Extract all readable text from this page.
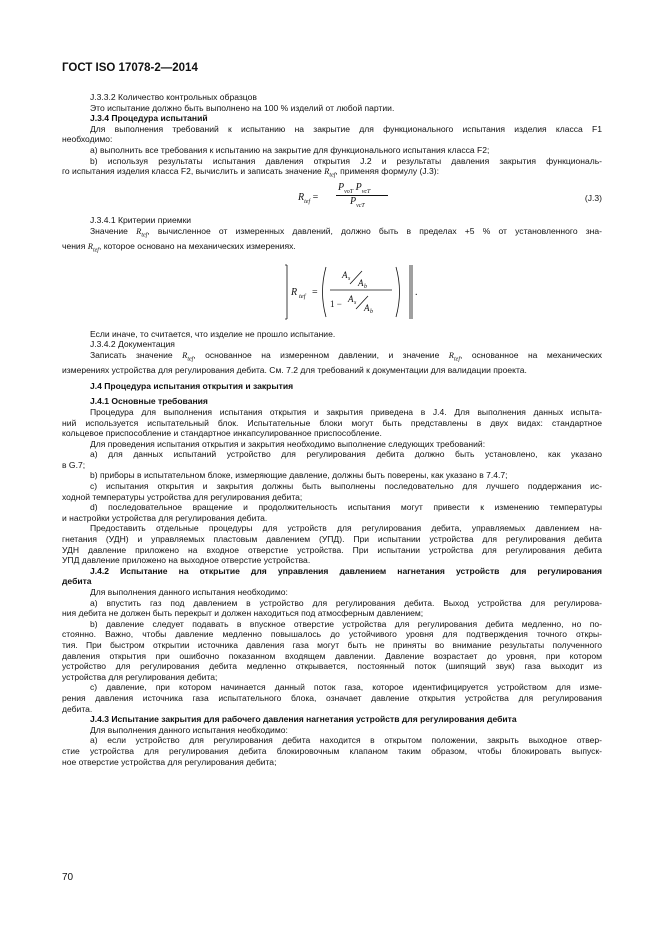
ГОСТ ISO 17078-2—2014

J.3.3.2 Количество контрольных образцов

Это испытание должно быть выполнено на 100 % изделий от любой партии.

J.3.4 Процедура испытаний

Для выполнения требований к испытанию на закрытие для функционального испытания изделия класса F1

необходимо:

а) выполнить все требования к испытанию на закрытие для функционального испытания класса F2;

b) используя результаты испытания давления открытия J.2 и результаты давления закрытия функциональ-

го испытания изделия класса F2, вычислить и записать значение $R_{tef}$, применяя формулу (J.3):

$R_{tef}$ =
$P_{voT}$ $P_{vcT}$
$P_{vcT}$
(J.3)

J.3.4.1 Критерии приемки

Значение $R_{tef}$, вычисленное от измеренных давлений, должно быть в пределах +5 % от установленного зна-

чения $R_{tef}$, которое основано на механических измерениях.

R tef =
A s A b
1 − A s A b
.

Если иначе, то считается, что изделие не прошло испытание.

J.3.4.2 Документация

Записать значение $R_{tef}$, основанное на измеренном давлении, и значение $R_{tef}$, основанное на механических

измерениях устройства для регулирования дебита. См. 7.2 для требований к документации для валидации проекта.

J.4 Процедура испытания открытия и закрытия

J.4.1 Основные требования

Процедура для выполнения испытания открытия и закрытия приведена в J.4. Для выполнения данных испыта-

ний используется испытательный блок. Испытательные блоки могут быть представлены в двух видах: стандартное

кольцевое приспособление и стандартное инкапсулированное приспособление.

Для проведения испытания открытия и закрытия необходимо выполнение следующих требований:

а) для данных испытаний устройство для регулирования дебита должно быть установлено, как указано

в G.7;

b) приборы в испытательном блоке, измеряющие давление, должны быть поверены, как указано в 7.4.7;

с) испытания открытия и закрытия должны быть выполнены последовательно для лучшего поддержания ис-

ходной температуры устройства для регулирования дебита;

d) последовательное вращение и продолжительность испытания могут привести к изменению температуры

и настройки устройства для регулирования дебита.

Предоставить отдельные процедуры для устройств для регулирования дебита, управляемых давлением на-

гнетания (УДН) и управляемых пластовым давлением (УПД). При испытании устройства для регулирования дебита

УДН давление приложено на входное отверстие устройства. При испытании устройства для регулирования дебита

УПД давление приложено на выходное отверстие устройства.

J.4.2 Испытание на открытие для управления давлением нагнетания устройств для регулирования

дебита

Для выполнения данного испытания необходимо:

а) впустить газ под давлением в устройство для регулирования дебита. Выход устройства для регулирова-

ния дебита не должен быть перекрыт и должен находиться под атмосферным давлением;

b) давление следует подавать в впускное отверстие устройства для регулирования дебита медленно, но по-

стоянно. Важно, чтобы давление медленно повышалось до устойчивого уровня для подтверждения точного откры-

тия. При быстром открытии источника давления газа могут быть не приняты во внимание результаты полученного

давления открытия при ошибочно показанном входящем давлении. Давление возрастает до уровня, при котором

устройство для регулирования дебита медленно открывается, постоянный поток (шипящий звук) газа выходит из

устройства для регулирования дебита;

с) давление, при котором начинается данный поток газа, которое идентифицируется устройством для изме-

рения давления источника газа испытательного блока, означает давление открытия устройства для регулирования

дебита.

J.4.3 Испытание закрытия для рабочего давления нагнетания устройств для регулирования дебита

Для выполнения данного испытания необходимо:

а) если устройство для регулирования дебита находится в открытом положении, закрыть выходное отвер-

стие устройства для регулирования дебита блокировочным клапаном таким образом, чтобы блокировать выпуск-

ное отверстие устройства для регулирования дебита;

70
